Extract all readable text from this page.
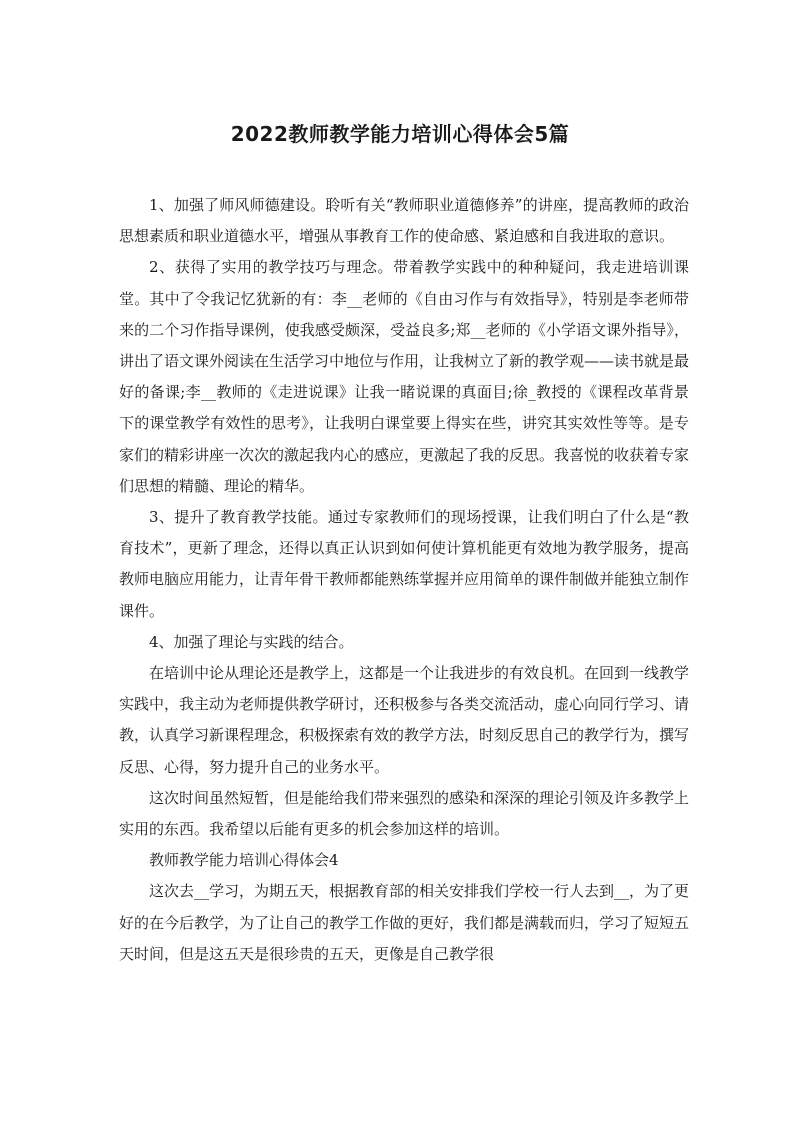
2022教师教学能力培训心得体会5篇

1、加强了师风师德建设。聆听有关“教师职业道德修养”的讲座，提高教师的政治思想素质和职业道德水平，增强从事教育工作的使命感、紧迫感和自我进取的意识。

2、获得了实用的教学技巧与理念。带着教学实践中的种种疑问，我走进培训课堂。其中了令我记忆犹新的有：李__老师的《自由习作与有效指导》，特别是李老师带来的二个习作指导课例，使我感受颇深，受益良多;郑__老师的《小学语文课外指导》，讲出了语文课外阅读在生活学习中地位与作用，让我树立了新的教学观——读书就是最好的备课;李__教师的《走进说课》让我一睹说课的真面目;徐_教授的《课程改革背景下的课堂教学有效性的思考》，让我明白课堂要上得实在些，讲究其实效性等等。是专家们的精彩讲座一次次的激起我内心的感应，更激起了我的反思。我喜悦的收获着专家们思想的精髓、理论的精华。

3、提升了教育教学技能。通过专家教师们的现场授课，让我们明白了什么是“教育技术”，更新了理念，还得以真正认识到如何使计算机能更有效地为教学服务，提高教师电脑应用能力，让青年骨干教师都能熟练掌握并应用简单的课件制做并能独立制作课件。

4、加强了理论与实践的结合。

在培训中论从理论还是教学上，这都是一个让我进步的有效良机。在回到一线教学实践中，我主动为老师提供教学研讨，还积极参与各类交流活动，虚心向同行学习、请教，认真学习新课程理念，积极探索有效的教学方法，时刻反思自己的教学行为，撰写反思、心得，努力提升自己的业务水平。

这次时间虽然短暂，但是能给我们带来强烈的感染和深深的理论引领及许多教学上实用的东西。我希望以后能有更多的机会参加这样的培训。

教师教学能力培训心得体会4

这次去__学习，为期五天，根据教育部的相关安排我们学校一行人去到__，为了更好的在今后教学，为了让自己的教学工作做的更好，我们都是满载而归，学习了短短五天时间，但是这五天是很珍贵的五天，更像是自己教学很
